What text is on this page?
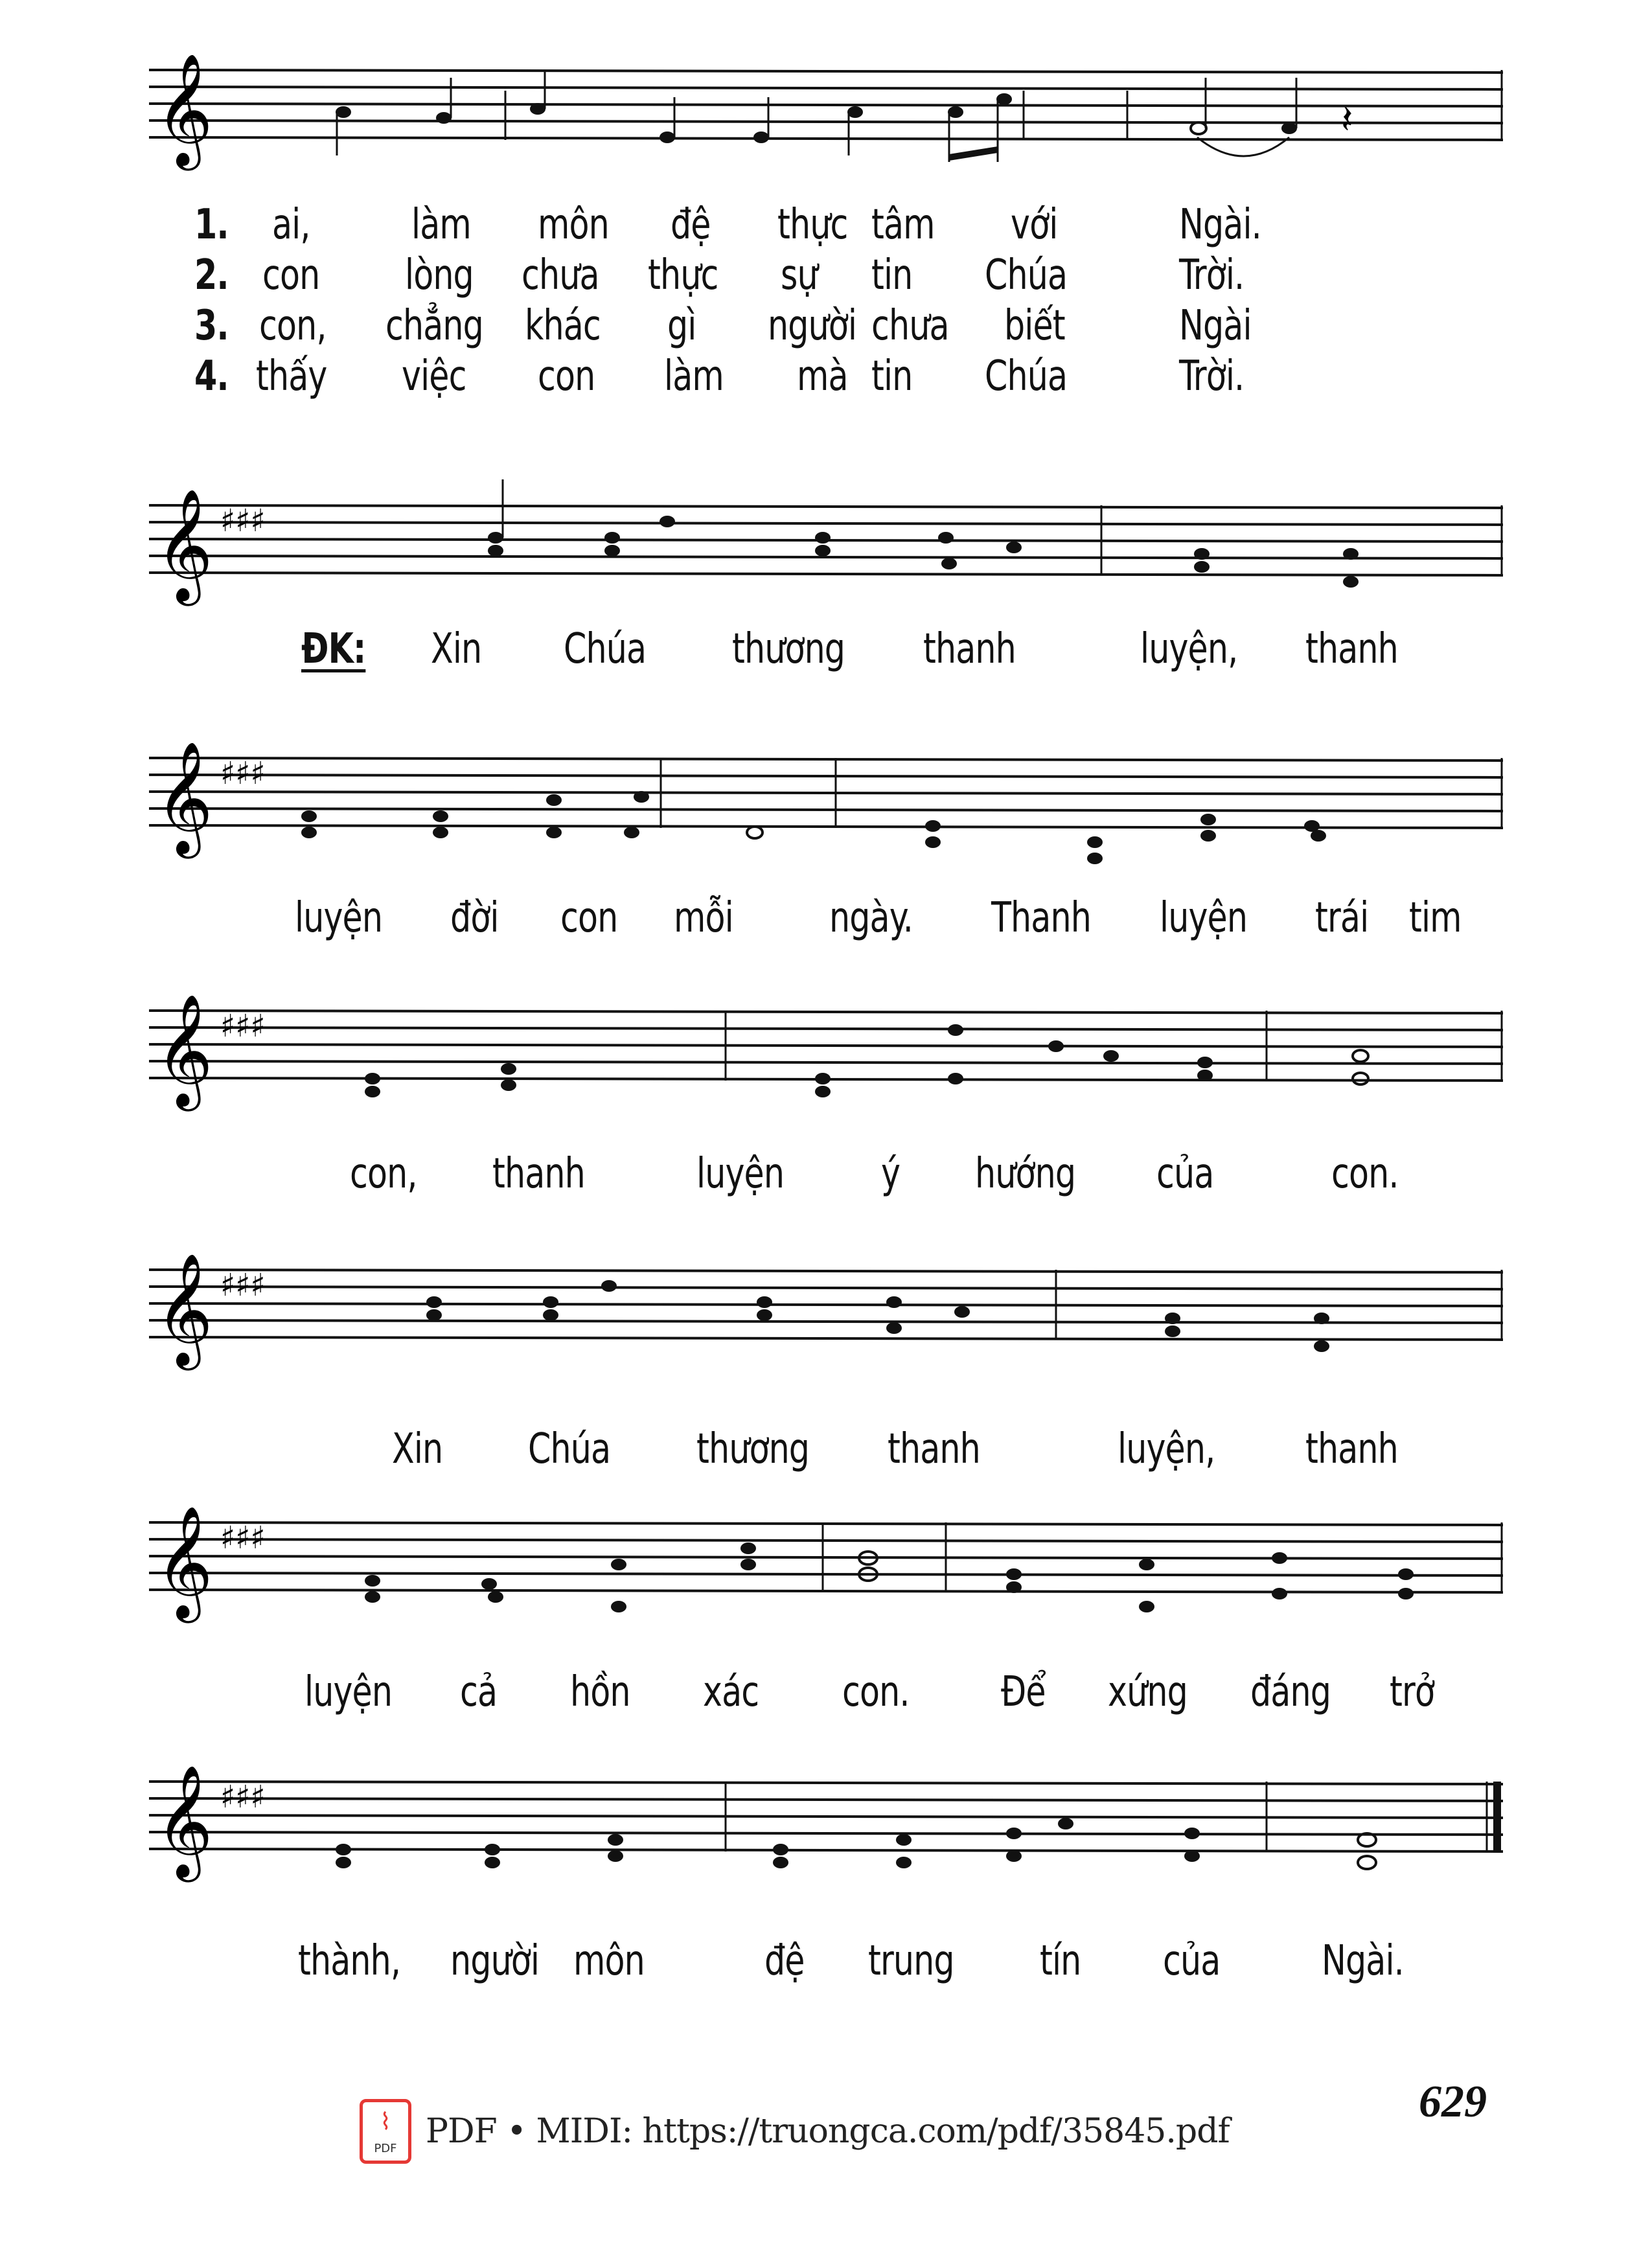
𝄞	𝄽
1. ai, làm môn đệ thực tâm với	Ngài.
2. con lòng chưa thực sự tin Chúa	Trời.
3. con, chẳng khác gì người chưa biết	Ngài
4. thấy việc con làm mà tin Chúa	Trời.
𝄞 ♯♯♯
ĐK: Xin Chúa thương thanh	luyện, thanh
𝄞 ♯♯♯
luyện đời con mỗi ngày. Thanh luyện trái tim
𝄞 ♯♯♯
con, thanh	luyện ý hướng của	con.
𝄞 ♯♯♯
Xin Chúa thương thanh	luyện, thanh
𝄞 ♯♯♯
luyện cả hồn xác con. Để xứng đáng trở
𝄞 ♯♯♯
thành, người môn	đệ trung tín của Ngài.
629
⌇
PDF PDF • MIDI: https://truongca.com/pdf/35845.pdf
